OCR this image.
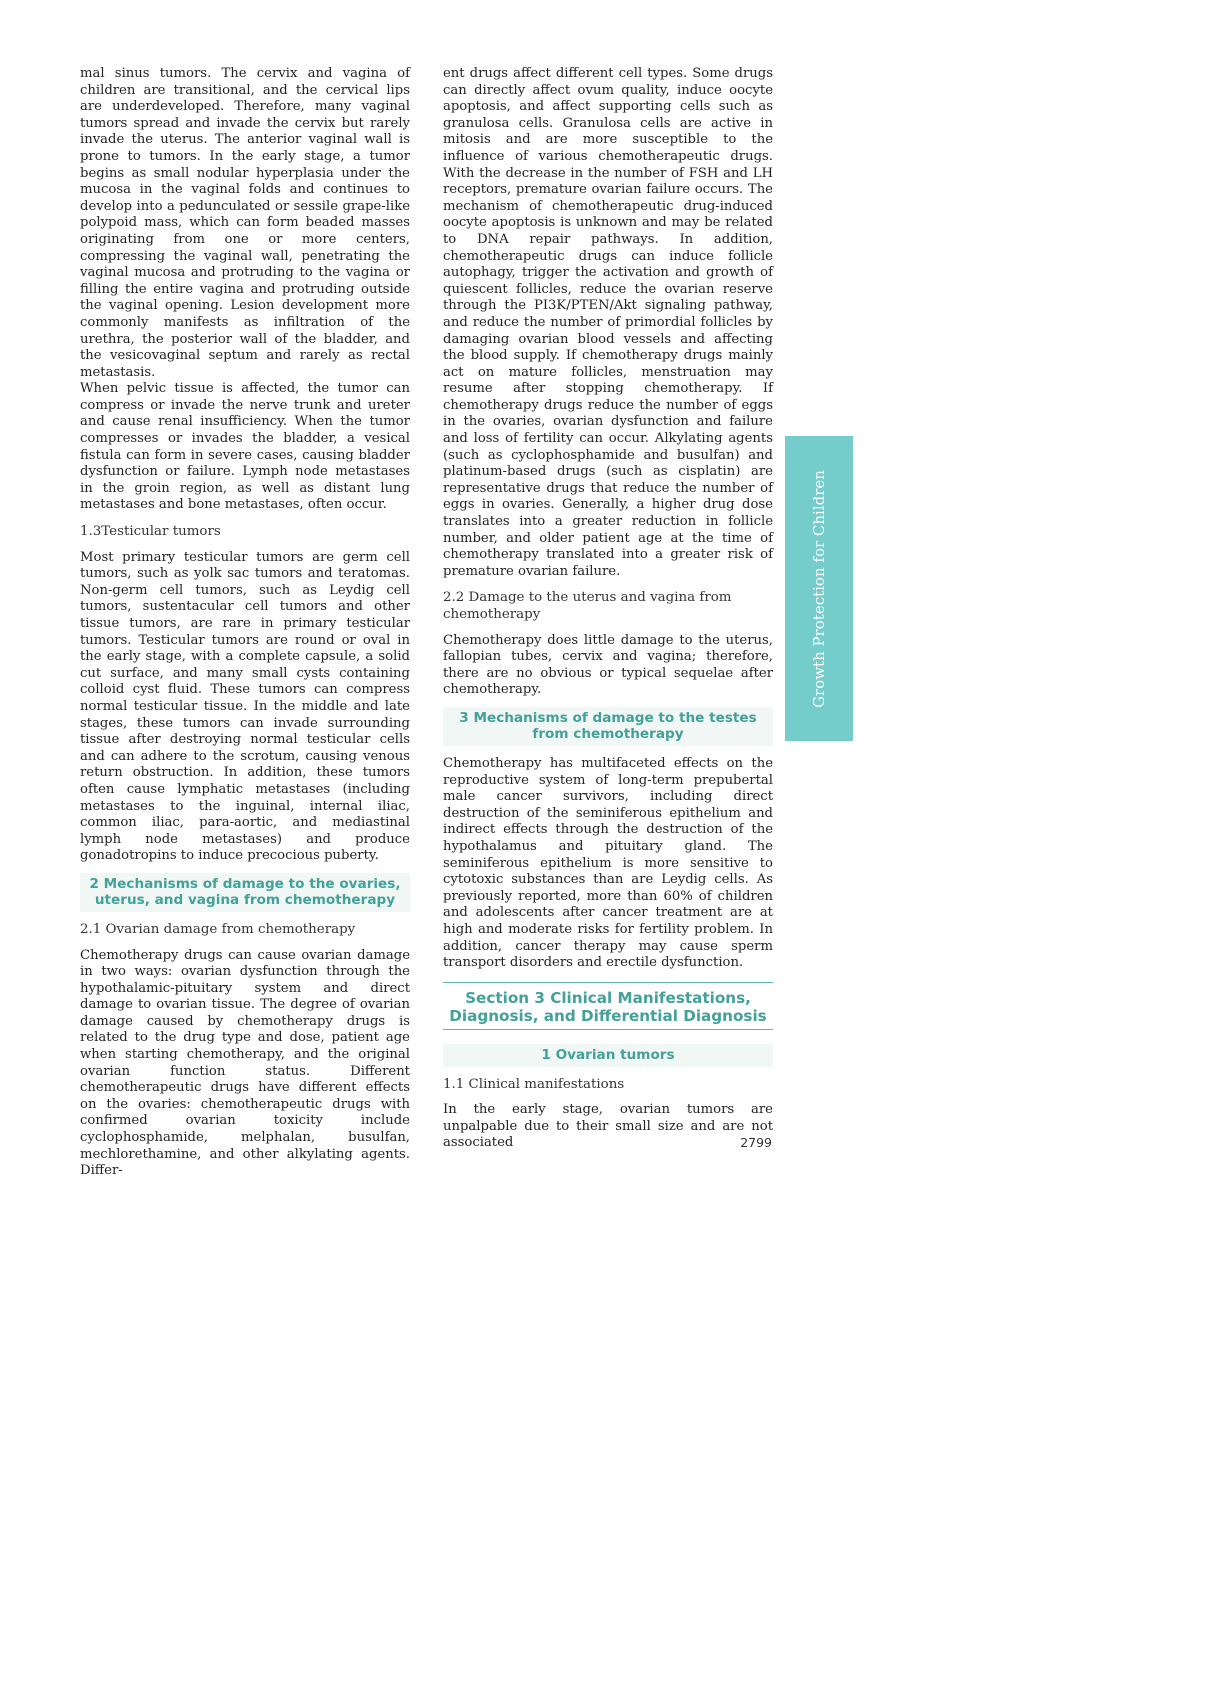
mal sinus tumors. The cervix and vagina of children are transitional, and the cervical lips are underdeveloped. Therefore, many vaginal tumors spread and invade the cervix but rarely invade the uterus. The anterior vaginal wall is prone to tumors. In the early stage, a tumor begins as small nodular hyperplasia under the mucosa in the vaginal folds and continues to develop into a pedunculated or sessile grape-like polypoid mass, which can form beaded masses originating from one or more centers, compressing the vaginal wall, penetrating the vaginal mucosa and protruding to the vagina or filling the entire vagina and protruding outside the vaginal opening. Lesion development more commonly manifests as infiltration of the urethra, the posterior wall of the bladder, and the vesicovaginal septum and rarely as rectal metastasis.

When pelvic tissue is affected, the tumor can compress or invade the nerve trunk and ureter and cause renal insufficiency. When the tumor compresses or invades the bladder, a vesical fistula can form in severe cases, causing bladder dysfunction or failure. Lymph node metastases in the groin region, as well as distant lung metastases and bone metastases, often occur.

1.3Testicular tumors

Most primary testicular tumors are germ cell tumors, such as yolk sac tumors and teratomas. Non-germ cell tumors, such as Leydig cell tumors, sustentacular cell tumors and other tissue tumors, are rare in primary testicular tumors. Testicular tumors are round or oval in the early stage, with a complete capsule, a solid cut surface, and many small cysts containing colloid cyst fluid. These tumors can compress normal testicular tissue. In the middle and late stages, these tumors can invade surrounding tissue after destroying normal testicular cells and can adhere to the scrotum, causing venous return obstruction. In addition, these tumors often cause lymphatic metastases (including metastases to the inguinal, internal iliac, common iliac, para-aortic, and mediastinal lymph node metastases) and produce gonadotropins to induce precocious puberty.

2 Mechanisms of damage to the ovaries, uterus, and vagina from chemotherapy
2.1 Ovarian damage from chemotherapy

Chemotherapy drugs can cause ovarian damage in two ways: ovarian dysfunction through the hypothalamic-pituitary system and direct damage to ovarian tissue. The degree of ovarian damage caused by chemotherapy drugs is related to the drug type and dose, patient age when starting chemotherapy, and the original ovarian function status. Different chemotherapeutic drugs have different effects on the ovaries: chemotherapeutic drugs with confirmed ovarian toxicity include cyclophosphamide, melphalan, busulfan, mechlorethamine, and other alkylating agents. Differ-

ent drugs affect different cell types. Some drugs can directly affect ovum quality, induce oocyte apoptosis, and affect supporting cells such as granulosa cells. Granulosa cells are active in mitosis and are more susceptible to the influence of various chemotherapeutic drugs. With the decrease in the number of FSH and LH receptors, premature ovarian failure occurs. The mechanism of chemotherapeutic drug-induced oocyte apoptosis is unknown and may be related to DNA repair pathways. In addition, chemotherapeutic drugs can induce follicle autophagy, trigger the activation and growth of quiescent follicles, reduce the ovarian reserve through the PI3K/PTEN/Akt signaling pathway, and reduce the number of primordial follicles by damaging ovarian blood vessels and affecting the blood supply. If chemotherapy drugs mainly act on mature follicles, menstruation may resume after stopping chemotherapy. If chemotherapy drugs reduce the number of eggs in the ovaries, ovarian dysfunction and failure and loss of fertility can occur. Alkylating agents (such as cyclophosphamide and busulfan) and platinum-based drugs (such as cisplatin) are representative drugs that reduce the number of eggs in ovaries. Generally, a higher drug dose translates into a greater reduction in follicle number, and older patient age at the time of chemotherapy translated into a greater risk of premature ovarian failure.

2.2 Damage to the uterus and vagina from chemotherapy

Chemotherapy does little damage to the uterus, fallopian tubes, cervix and vagina; therefore, there are no obvious or typical sequelae after chemotherapy.

3 Mechanisms of damage to the testes from chemotherapy

Chemotherapy has multifaceted effects on the reproductive system of long-term prepubertal male cancer survivors, including direct destruction of the seminiferous epithelium and indirect effects through the destruction of the hypothalamus and pituitary gland. The seminiferous epithelium is more sensitive to cytotoxic substances than are Leydig cells. As previously reported, more than 60% of children and adolescents after cancer treatment are at high and moderate risks for fertility problem. In addition, cancer therapy may cause sperm transport disorders and erectile dysfunction.

Section 3 Clinical Manifestations, Diagnosis, and Differential Diagnosis
1 Ovarian tumors
1.1 Clinical manifestations

In the early stage, ovarian tumors are unpalpable due to their small size and are not associated

Growth Protection for Children
2799
